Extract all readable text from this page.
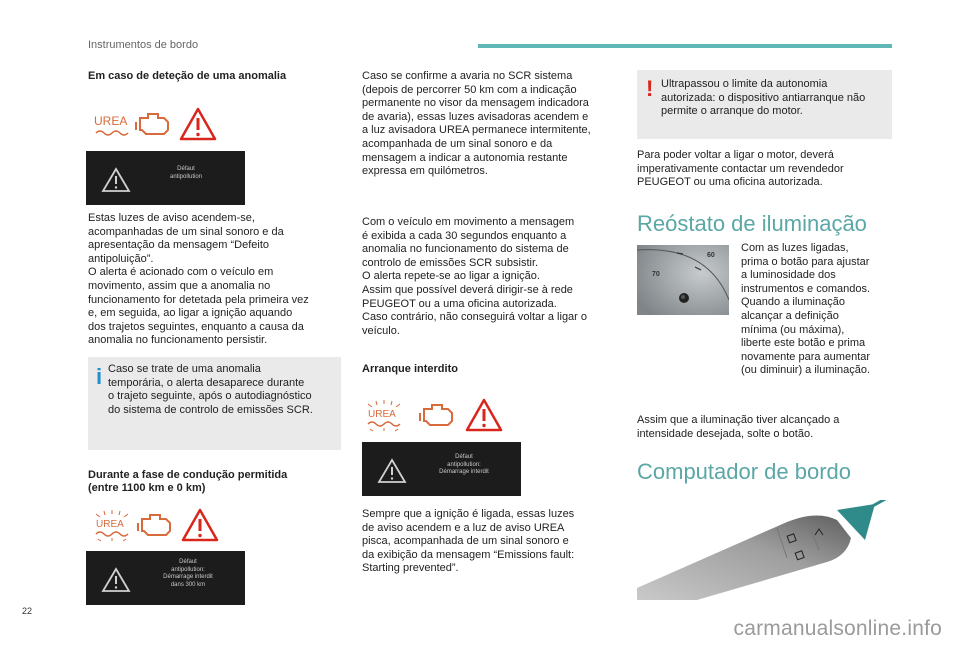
Instrumentos de bordo
Em caso de deteção de uma anomalia
UREA
Défaut
antipollution
Estas luzes de aviso acendem-se,
acompanhadas de um sinal sonoro e da
apresentação da mensagem “Defeito
antipoluição”.
O alerta é acionado com o veículo em
movimento, assim que a anomalia no
funcionamento for detetada pela primeira vez
e, em seguida, ao ligar a ignição aquando
dos trajetos seguintes, enquanto a causa da
anomalia no funcionamento persistir.
i Caso se trate de uma anomalia
temporária, o alerta desaparece durante
o trajeto seguinte, após o autodiagnóstico
do sistema de controlo de emissões SCR.
Durante a fase de condução permitida
(entre 1100 km e 0 km)
UREA
Défaut
antipollution:
Démarrage interdit
dans 300 km
Caso se confirme a avaria no SCR sistema
(depois de percorrer 50 km com a indicação
permanente no visor da mensagem indicadora
de avaria), essas luzes avisadoras acendem e
a luz avisadora UREA permanece intermitente,
acompanhada de um sinal sonoro e da
mensagem a indicar a autonomia restante
expressa em quilómetros.
Com o veículo em movimento a mensagem
é exibida a cada 30 segundos enquanto a
anomalia no funcionamento do sistema de
controlo de emissões SCR subsistir.
O alerta repete-se ao ligar a ignição.
Assim que possível deverá dirigir-se à rede
PEUGEOT ou a uma oficina autorizada.
Caso contrário, não conseguirá voltar a ligar o
veículo.
Arranque interdito
UREA
Défaut
antipollution:
Démarrage interdit
Sempre que a ignição é ligada, essas luzes
de aviso acendem e a luz de aviso UREA
pisca, acompanhada de um sinal sonoro e
da exibição da mensagem “Emissions fault:
Starting prevented”.
! Ultrapassou o limite da autonomia
autorizada: o dispositivo antiarranque não
permite o arranque do motor.
Para poder voltar a ligar o motor, deverá
imperativamente contactar um revendedor
PEUGEOT ou uma oficina autorizada.
Reóstato de iluminação
60
70
Com as luzes ligadas,
prima o botão para ajustar
a luminosidade dos
instrumentos e comandos.
Quando a iluminação
alcançar a definição
mínima (ou máxima),
liberte este botão e prima
novamente para aumentar
(ou diminuir) a iluminação.
Assim que a iluminação tiver alcançado a
intensidade desejada, solte o botão.
Computador de bordo
22
carmanualsonline.info
